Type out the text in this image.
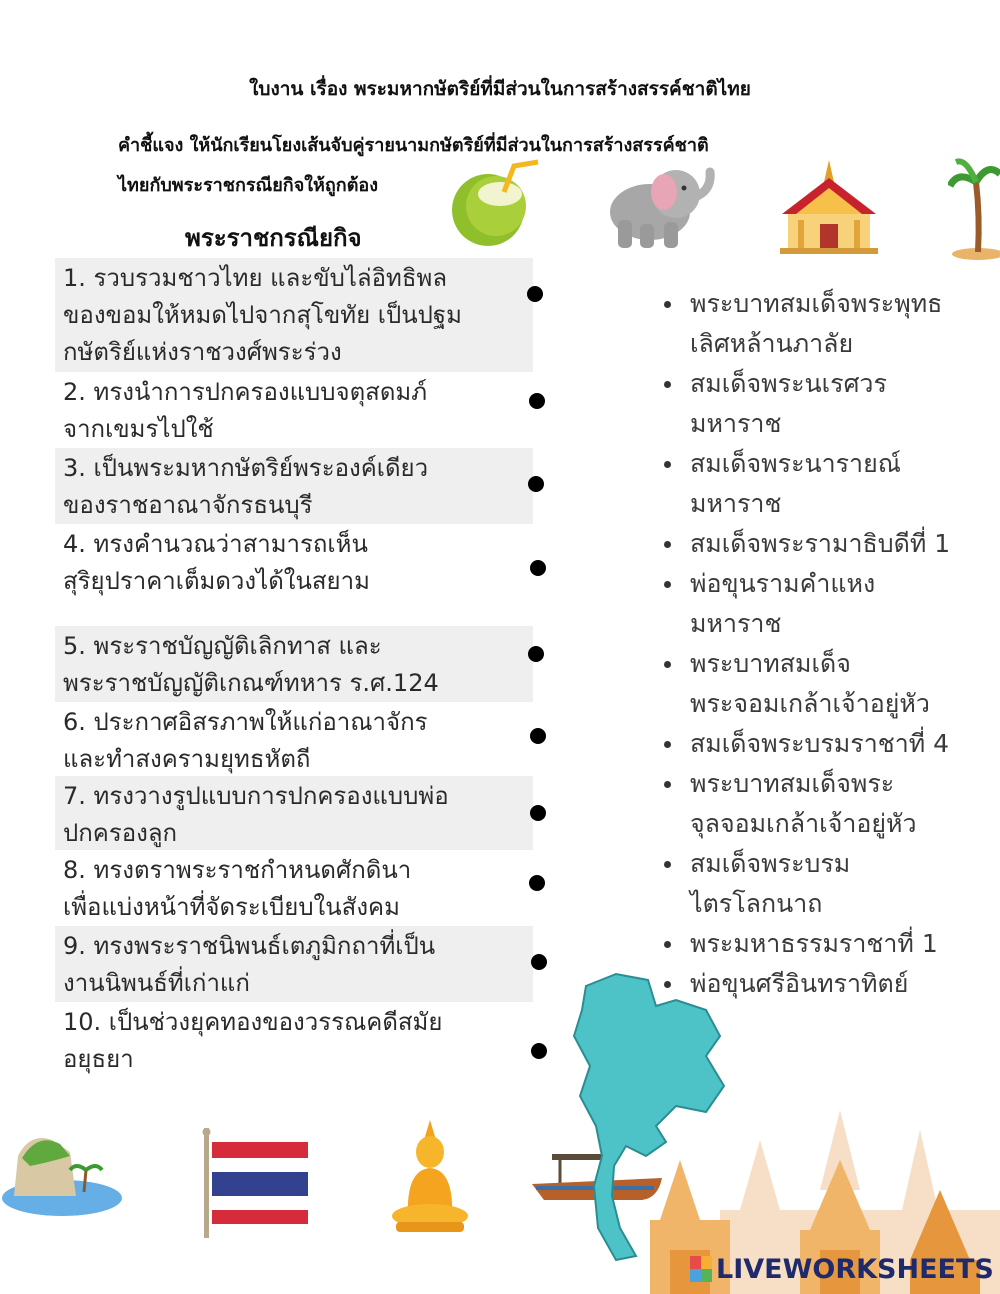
ใบงาน เรื่อง พระมหากษัตริย์ที่มีส่วนในการสร้างสรรค์ชาติไทย
คำชี้แจง ให้นักเรียนโยงเส้นจับคู่รายนามกษัตริย์ที่มีส่วนในการสร้างสรรค์ชาติ
ไทยกับพระราชกรณียกิจให้ถูกต้อง
พระราชกรณียกิจ
1. รวบรวมชาวไทย และขับไล่อิทธิพล
ของขอมให้หมดไปจากสุโขทัย เป็นปฐม
กษัตริย์แห่งราชวงศ์พระร่วง
2. ทรงนำการปกครองแบบจตุสดมภ์
จากเขมรไปใช้
3. เป็นพระมหากษัตริย์พระองค์เดียว
ของราชอาณาจักรธนบุรี
4. ทรงคำนวณว่าสามารถเห็น
สุริยุปราคาเต็มดวงได้ในสยาม
5. พระราชบัญญัติเลิกทาส และ
พระราชบัญญัติเกณฑ์ทหาร ร.ศ.124
6. ประกาศอิสรภาพให้แก่อาณาจักร
และทำสงครามยุทธหัตถี
7. ทรงวางรูปแบบการปกครองแบบพ่อ
ปกครองลูก
8. ทรงตราพระราชกำหนดศักดินา
เพื่อแบ่งหน้าที่จัดระเบียบในสังคม
9. ทรงพระราชนิพนธ์เตภูมิกถาที่เป็น
งานนิพนธ์ที่เก่าแก่
10. เป็นช่วงยุคทองของวรรณคดีสมัย
อยุธยา
พระบาทสมเด็จพระพุทธ
เลิศหล้านภาลัย
สมเด็จพระนเรศวร
มหาราช
สมเด็จพระนารายณ์
มหาราช
สมเด็จพระรามาธิบดีที่ 1
พ่อขุนรามคำแหง
มหาราช
พระบาทสมเด็จ
พระจอมเกล้าเจ้าอยู่หัว
สมเด็จพระบรมราชาที่ 4
พระบาทสมเด็จพระ
จุลจอมเกล้าเจ้าอยู่หัว
สมเด็จพระบรม
ไตรโลกนาถ
พระมหาธรรมราชาที่ 1
พ่อขุนศรีอินทราทิตย์
LIVEWORKSHEETS
